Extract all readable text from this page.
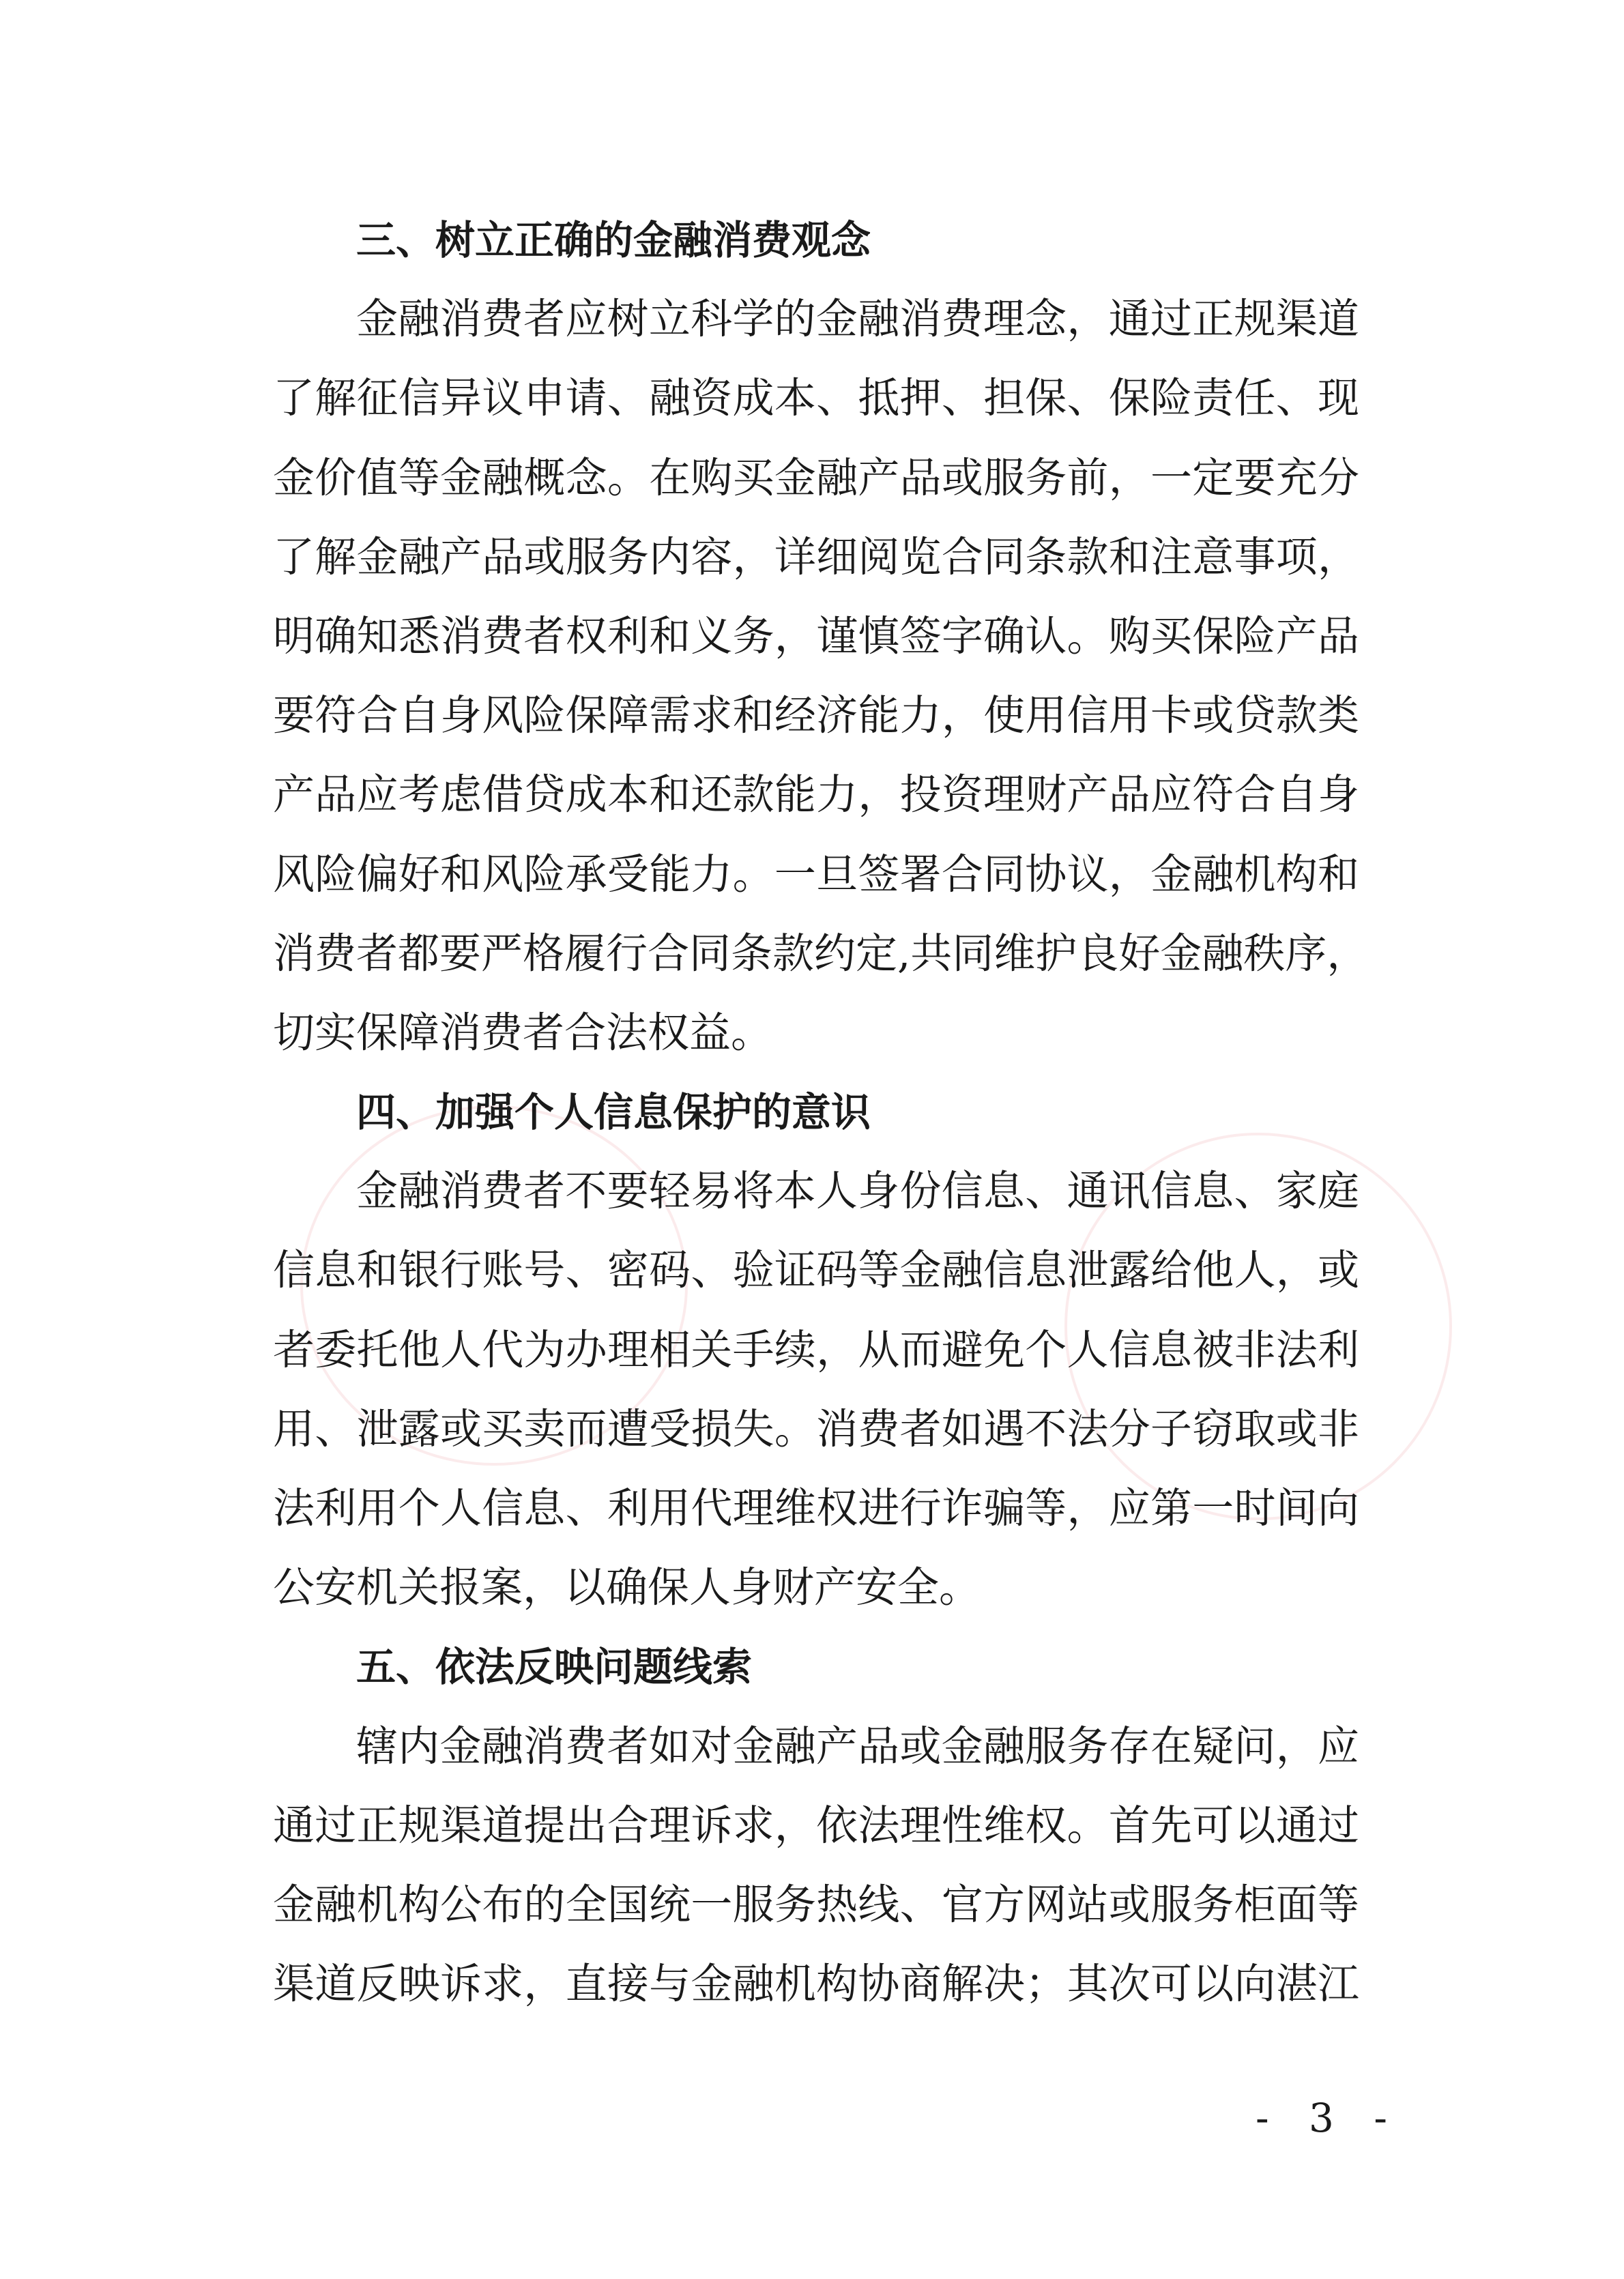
三、树立正确的金融消费观念
金融消费者应树立科学的金融消费理念，通过正规渠道
了解征信异议申请、融资成本、抵押、担保、保险责任、现
金价值等金融概念。在购买金融产品或服务前，一定要充分
了解金融产品或服务内容，详细阅览合同条款和注意事项，
明确知悉消费者权利和义务，谨慎签字确认。购买保险产品
要符合自身风险保障需求和经济能力，使用信用卡或贷款类
产品应考虑借贷成本和还款能力，投资理财产品应符合自身
风险偏好和风险承受能力。一旦签署合同协议，金融机构和
消费者都要严格履行合同条款约定,共同维护良好金融秩序，
切实保障消费者合法权益。
四、加强个人信息保护的意识
金融消费者不要轻易将本人身份信息、通讯信息、家庭
信息和银行账号、密码、验证码等金融信息泄露给他人，或
者委托他人代为办理相关手续，从而避免个人信息被非法利
用、泄露或买卖而遭受损失。消费者如遇不法分子窃取或非
法利用个人信息、利用代理维权进行诈骗等，应第一时间向
公安机关报案，以确保人身财产安全。
五、依法反映问题线索
辖内金融消费者如对金融产品或金融服务存在疑问，应
通过正规渠道提出合理诉求，依法理性维权。首先可以通过
金融机构公布的全国统一服务热线、官方网站或服务柜面等
渠道反映诉求，直接与金融机构协商解决；其次可以向湛江
- 3 -
